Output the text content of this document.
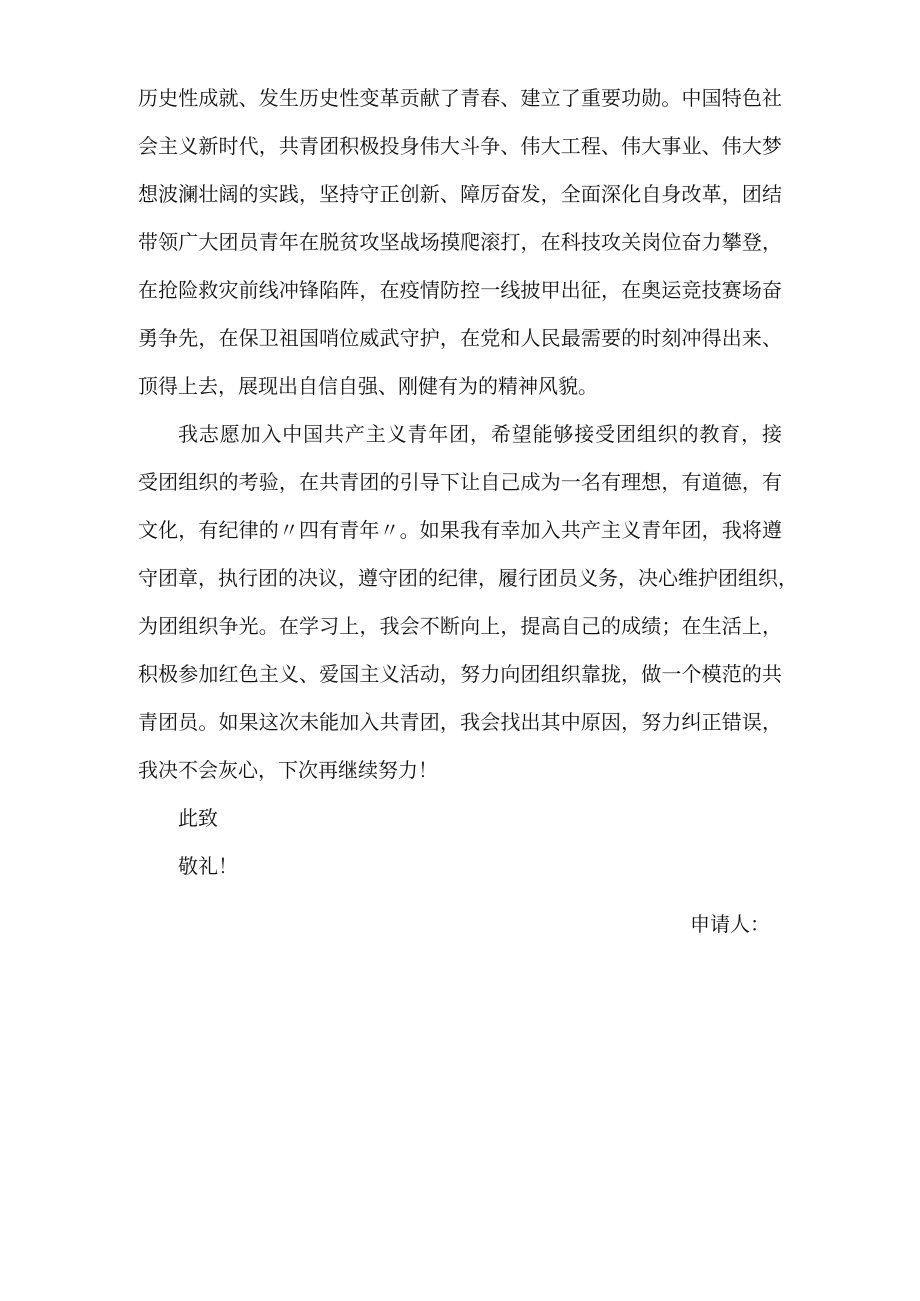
历史性成就、发生历史性变革贡献了青春、建立了重要功勋。中国特色社
会主义新时代，共青团积极投身伟大斗争、伟大工程、伟大事业、伟大梦
想波澜壮阔的实践，坚持守正创新、障厉奋发，全面深化自身改革，团结
带领广大团员青年在脱贫攻坚战场摸爬滚打，在科技攻关岗位奋力攀登，
在抢险救灾前线冲锋陷阵，在疫情防控一线披甲出征，在奥运竞技赛场奋
勇争先，在保卫祖国哨位威武守护，在党和人民最需要的时刻冲得出来、
顶得上去，展现出自信自强、刚健有为的精神风貌。
我志愿加入中国共产主义青年团，希望能够接受团组织的教育，接
受团组织的考验，在共青团的引导下让自己成为一名有理想，有道德，有
文化，有纪律的〃四有青年〃。如果我有幸加入共产主义青年团，我将遵
守团章，执行团的决议，遵守团的纪律，履行团员义务，决心维护团组织，
为团组织争光。在学习上，我会不断向上，提高自己的成绩；在生活上，
积极参加红色主义、爱国主义活动，努力向团组织靠拢，做一个模范的共
青团员。如果这次未能加入共青团，我会找出其中原因，努力纠正错误，
我决不会灰心，下次再继续努力！
此致
敬礼！
申请人：
